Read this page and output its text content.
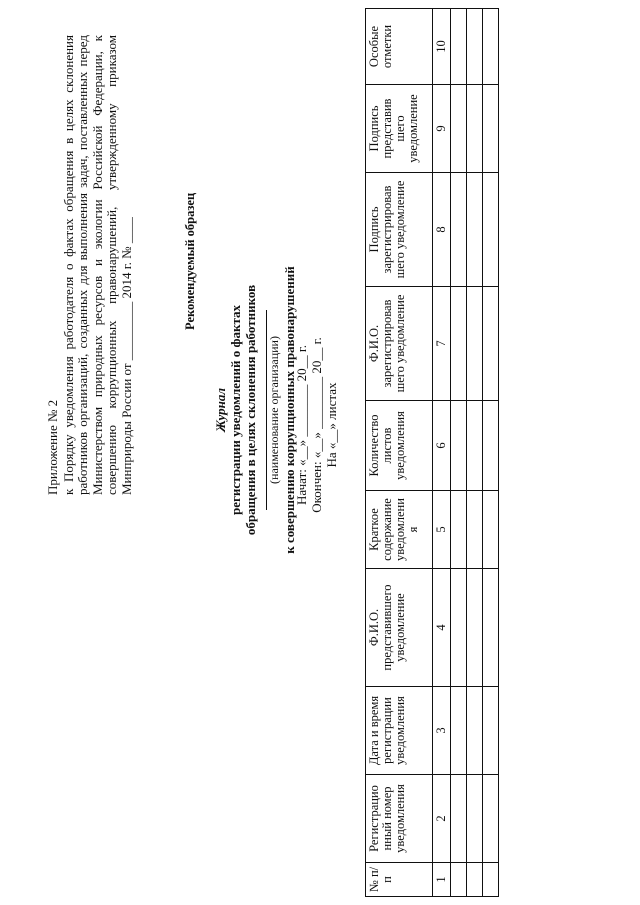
Приложение № 2 к Порядку уведомления работодателя о фактах обращения в целях склонения работников организаций, созданных для выполнения задач, поставленных перед Министерством природных ресурсов и экологии Российской Федерации, к совершению коррупционных правонарушений, утвержденному приказом Минприроды России от _________ 2014 г. № ____	Рекомендуемый образец
Журнал регистрации уведомлений о фактах обращения в целях склонения работников (наименование организации) к совершению коррупционных правонарушений
Начат: «__» ________ 20__ г. Окончен: «__» ________ 20__ г. На «__» листах
№ п/п	Регистрацио нный номер уведомления	Дата и время регистрации уведомления	Ф.И.О. представившего уведомление	Краткое содержание уведомлени я	Количество листов уведомления	Ф.И.О. зарегистрировав шего уведомление	Подпись зарегистрировав шего уведомление	Подпись представив шего уведомление	Особые отметки
1	2	3	4	5	6	7	8	9	10
